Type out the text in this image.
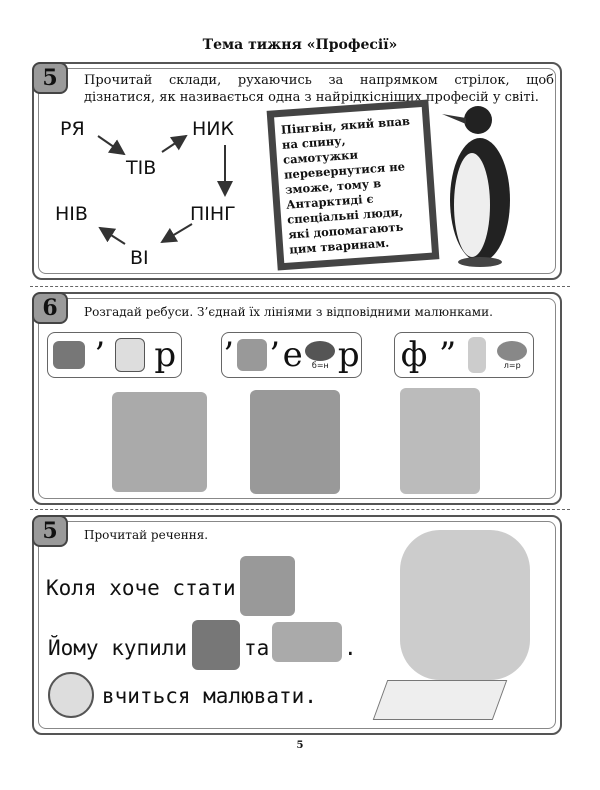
Тема тижня «Професії»
5	Прочитай склади, рухаючись за напрямком стрілок, щоб дізнатися, як називається одна з найрідкісніших професій у світі.
РЯ
ТІВ
НИК
ПІНГ
ВІ
НІВ
Пінгвін, який впав на спину, самотужки перевернутися не зможе, тому в Антарктиді є спеціальні люди, які допомагають цим тваринам.
6	Розгадай ребуси. З’єднай їх лініями з відповідними малюнками.
’ р ’ ’ е б=н р ф ”	л=р
5	Прочитай речення.
Коля хоче стати
Йому купили	та	.
вчиться малювати.
5
